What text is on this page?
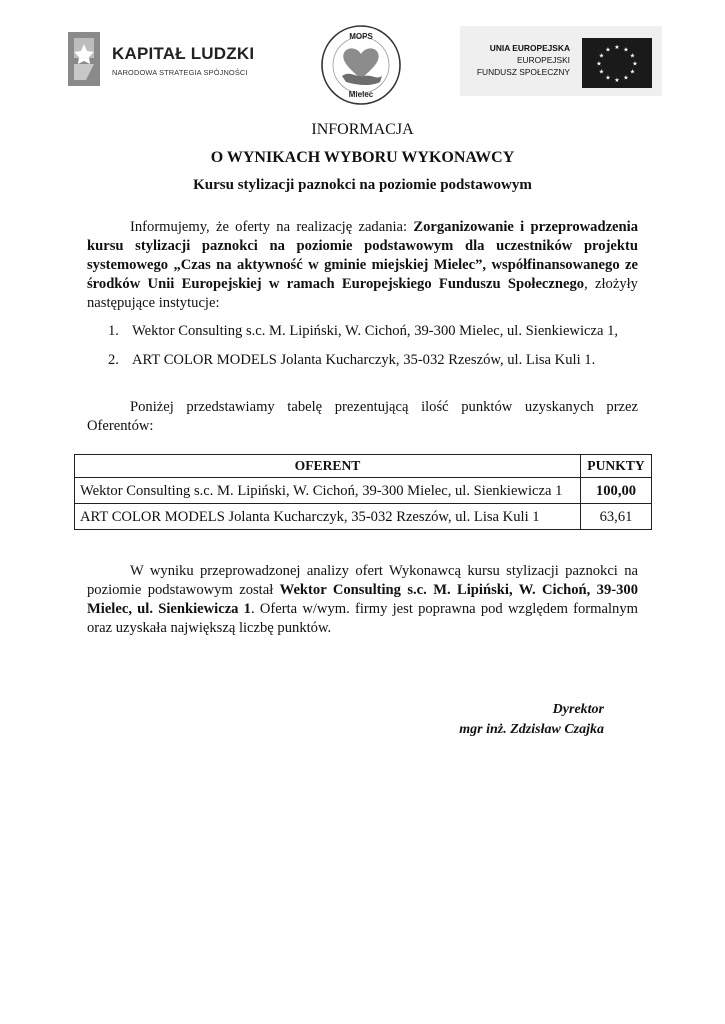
KAPITAŁ LUDZKI
NARODOWA STRATEGIA SPÓJNOŚCI
MOPS
Mielec
UNIA EUROPEJSKA
EUROPEJSKI
FUNDUSZ SPOŁECZNY
★ ★
★
★
★
★
★
★
★
★
★
★
INFORMACJA
O WYNIKACH WYBORU WYKONAWCY
Kursu stylizacji paznokci na poziomie podstawowym

Informujemy, że oferty na realizację zadania: Zorganizowanie i przeprowadzenia kursu stylizacji paznokci na poziomie podstawowym dla uczestników projektu systemowego „Czas na aktywność w gminie miejskiej Mielec”, współfinansowanego ze środków Unii Europejskiej w ramach Europejskiego Funduszu Społecznego, złożyły następujące instytucje:

1. Wektor Consulting s.c. M. Lipiński, W. Cichoń, 39-300 Mielec, ul. Sienkiewicza 1,
2. ART COLOR MODELS Jolanta Kucharczyk, 35-032 Rzeszów, ul. Lisa Kuli 1.

Poniżej przedstawiamy tabelę prezentującą ilość punktów uzyskanych przez Oferentów:

OFERENT	PUNKTY
Wektor Consulting s.c. M. Lipiński, W. Cichoń, 39-300 Mielec, ul. Sienkiewicza 1	100,00
ART COLOR MODELS Jolanta Kucharczyk, 35-032 Rzeszów, ul. Lisa Kuli 1	63,61

W wyniku przeprowadzonej analizy ofert Wykonawcą kursu stylizacji paznokci na poziomie podstawowym został Wektor Consulting s.c. M. Lipiński, W. Cichoń, 39-300 Mielec, ul. Sienkiewicza 1. Oferta w/wym. firmy jest poprawna pod względem formalnym oraz uzyskała największą liczbę punktów.

Dyrektor
mgr inż. Zdzisław Czajka
